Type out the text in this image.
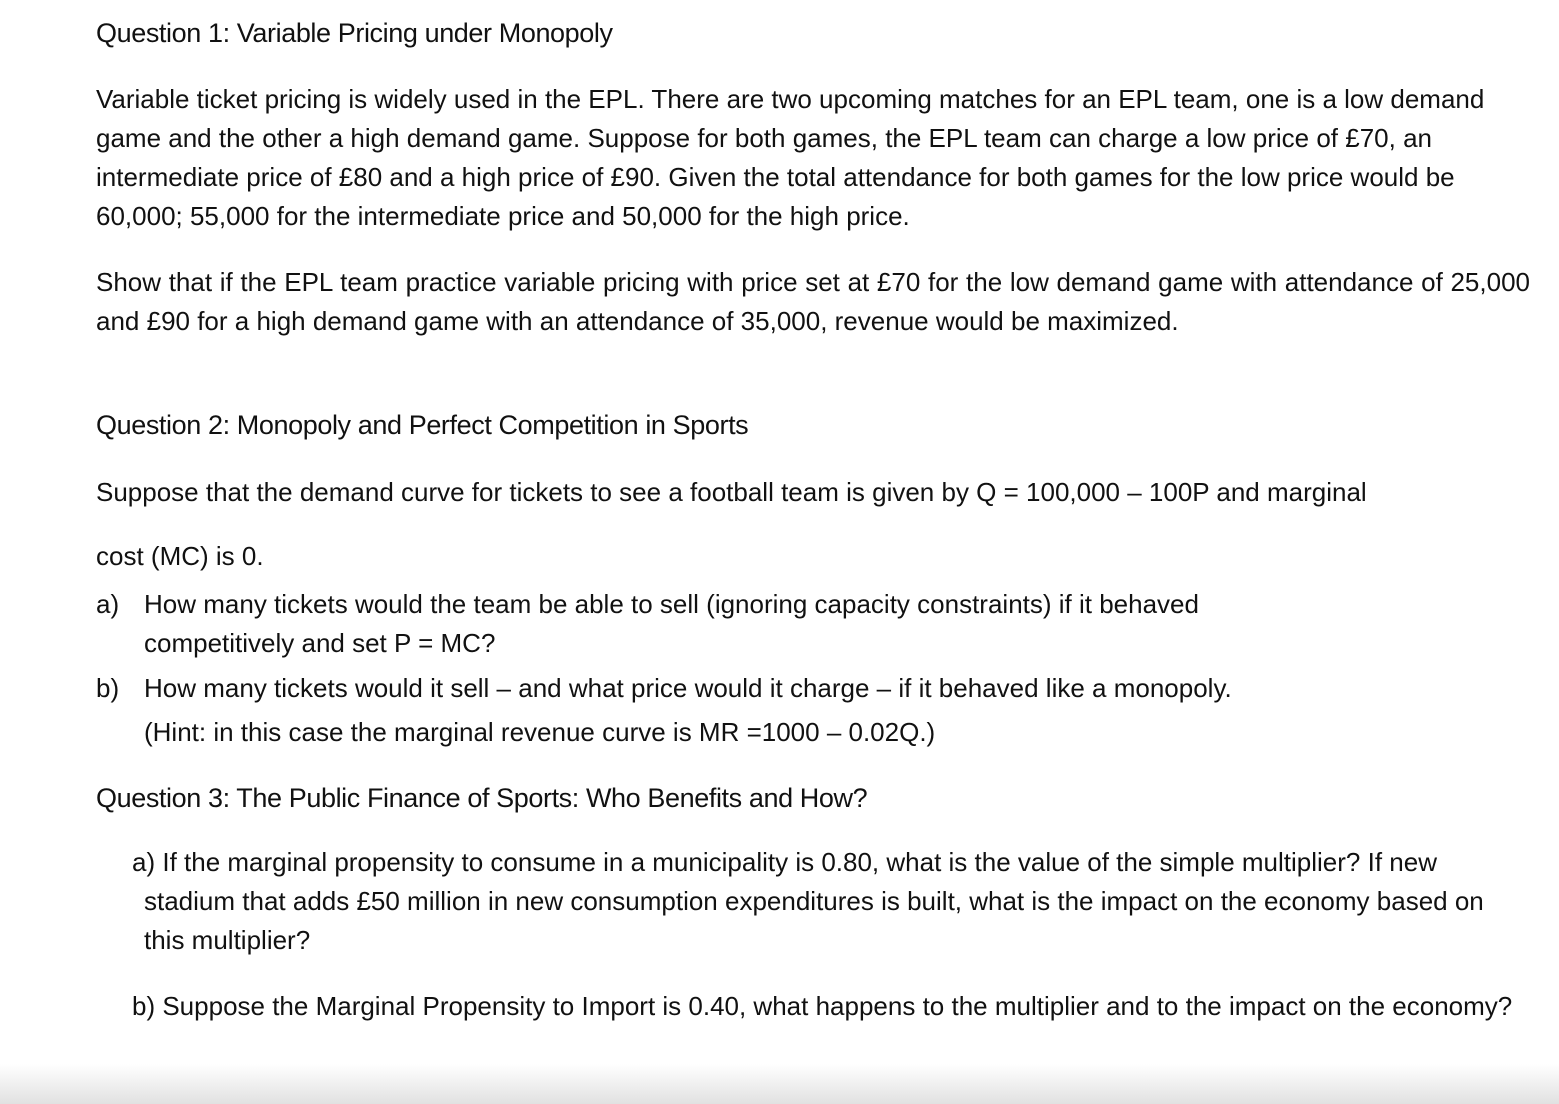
Question 1: Variable Pricing under Monopoly

Variable ticket pricing is widely used in the EPL. There are two upcoming matches for an EPL team, one is a low demand game and the other a high demand game. Suppose for both games, the EPL team can charge a low price of £70, an intermediate price of £80 and a high price of £90. Given the total attendance for both games for the low price would be 60,000; 55,000 for the intermediate price and 50,000 for the high price.

Show that if the EPL team practice variable pricing with price set at £70 for the low demand game with attendance of 25,000 and £90 for a high demand game with an attendance of 35,000, revenue would be maximized.

Question 2: Monopoly and Perfect Competition in Sports

Suppose that the demand curve for tickets to see a football team is given by Q = 100,000 – 100P and marginal

cost (MC) is 0.

a) How many tickets would the team be able to sell (ignoring capacity constraints) if it behaved competitively and set P = MC?
b) How many tickets would it sell – and what price would it charge – if it behaved like a monopoly.
(Hint: in this case the marginal revenue curve is MR =1000 – 0.02Q.)
Question 3: The Public Finance of Sports: Who Benefits and How?
a) If the marginal propensity to consume in a municipality is 0.80, what is the value of the simple multiplier? If new stadium that adds £50 million in new consumption expenditures is built, what is the impact on the economy based on this multiplier?
b) Suppose the Marginal Propensity to Import is 0.40, what happens to the multiplier and to the impact on the economy?
